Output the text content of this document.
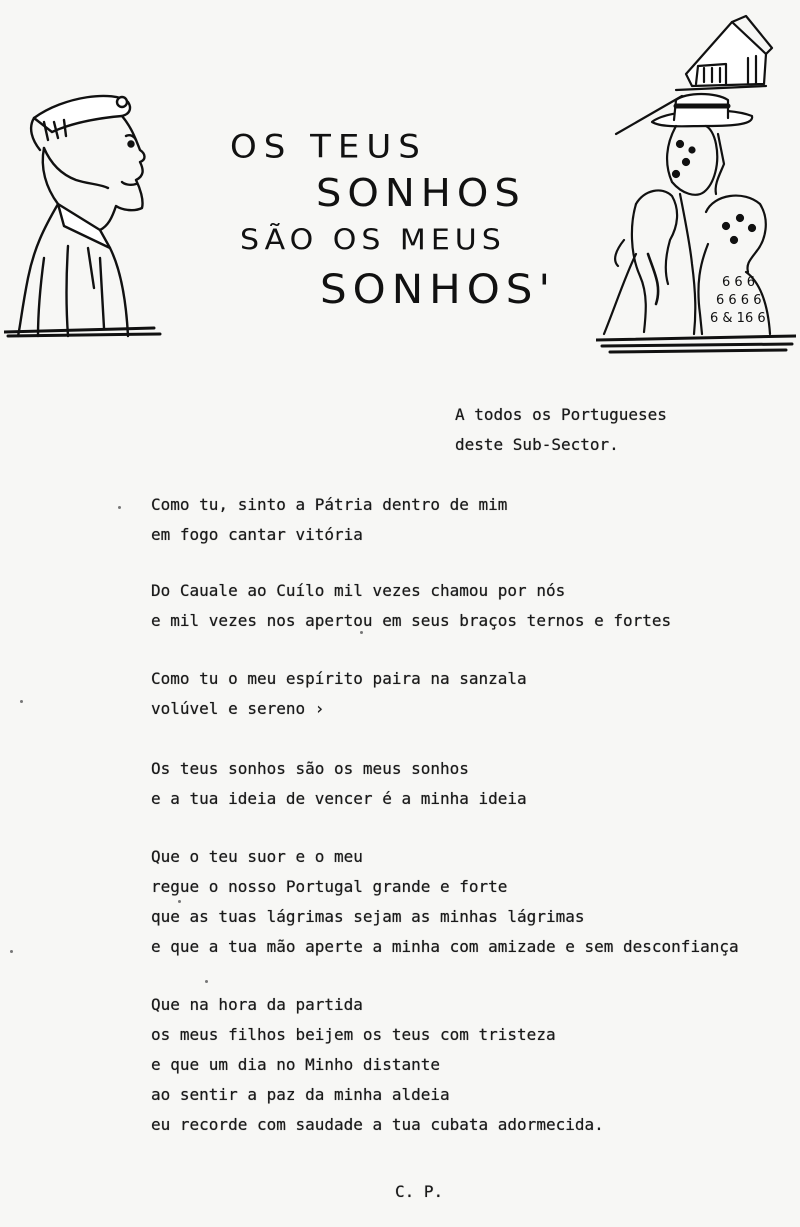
6 6 6
6 6 6 6
6 & 16 6
OS TEUS
SONHOS
SÃO OS MEUS
SONHOS'
A todos os Portugueses
deste Sub-Sector.
Como tu, sinto a Pátria dentro de mim
em fogo cantar vitória
Do Cauale ao Cuílo mil vezes chamou por nós
e mil vezes nos apertou em seus braços ternos e fortes
Como tu o meu espírito paira na sanzala
volúvel e sereno ›
Os teus sonhos são os meus sonhos
e a tua ideia de vencer é a minha ideia
Que o teu suor e o meu
regue o nosso Portugal grande e forte
que as tuas lágrimas sejam as minhas lágrimas
e que a tua mão aperte a minha com amizade e sem desconfiança
Que na hora da partida
os meus filhos beijem os teus com tristeza
e que um dia no Minho distante
ao sentir a paz da minha aldeia
eu recorde com saudade a tua cubata adormecida.
C. P.
